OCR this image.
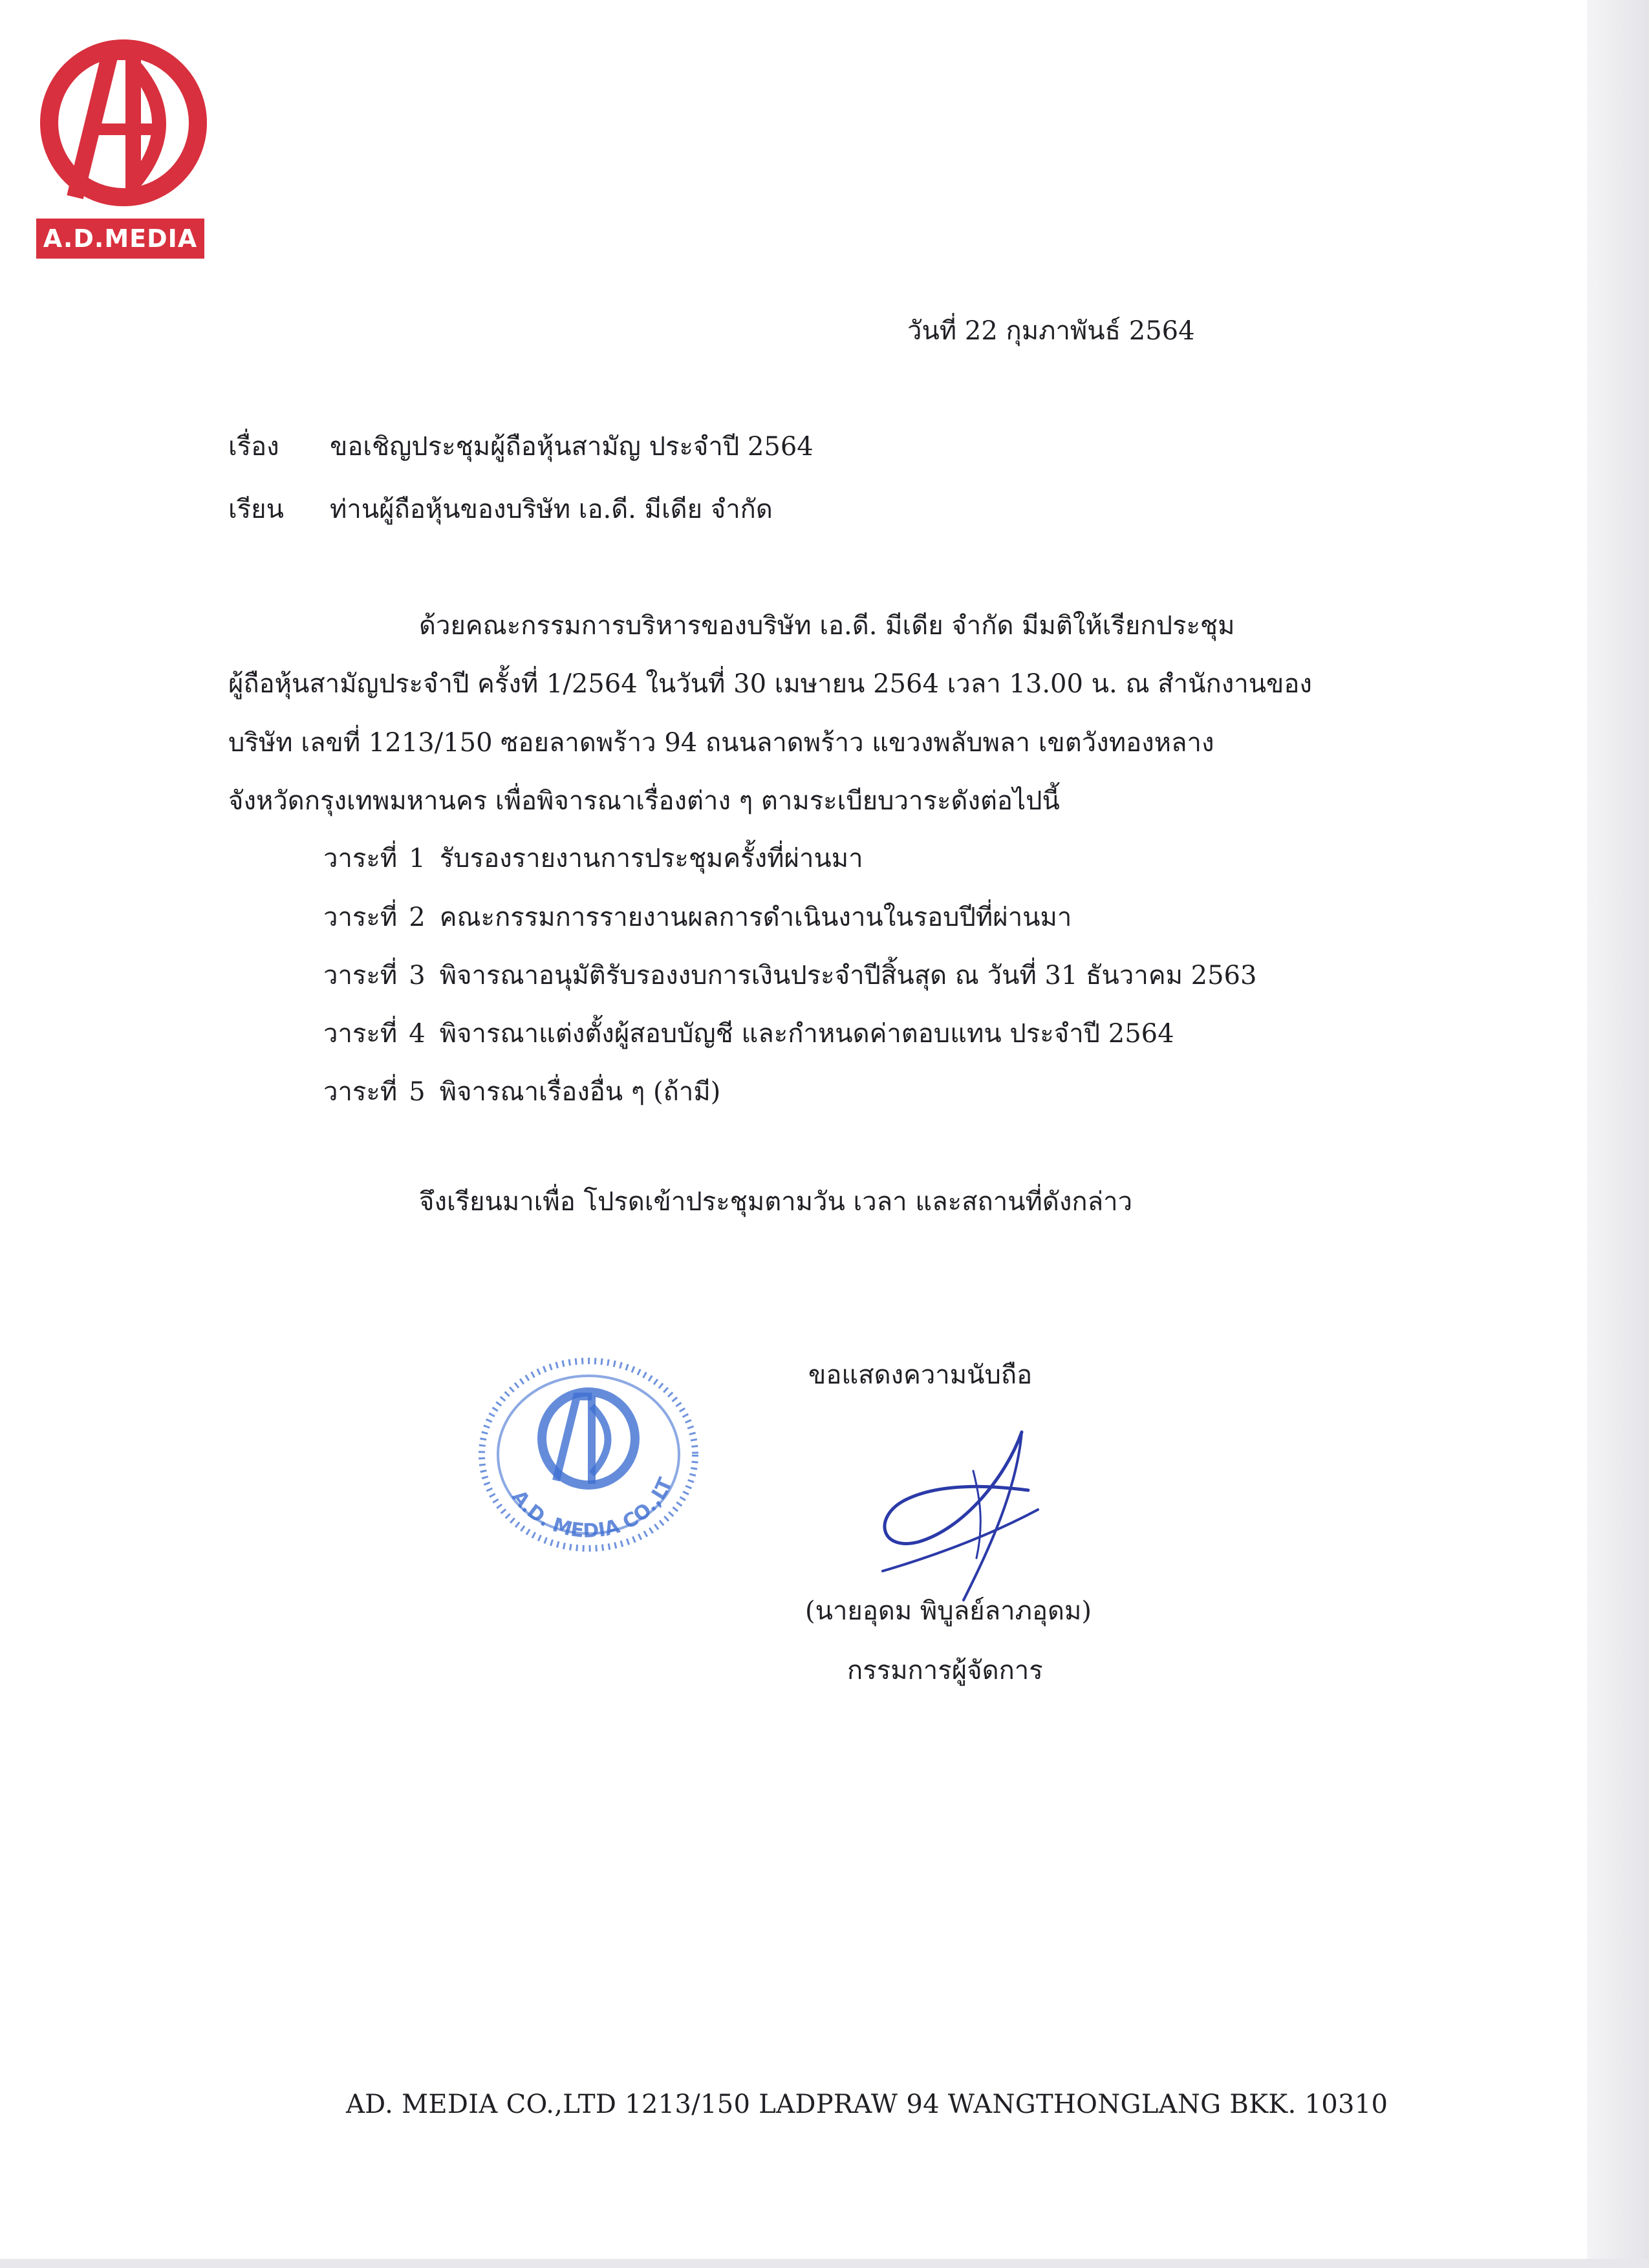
A.D.MEDIA
วันที่ 22 กุมภาพันธ์ 2564
เรื่อง ขอเชิญประชุมผู้ถือหุ้นสามัญ ประจำปี 2564
เรียน ท่านผู้ถือหุ้นของบริษัท เอ.ดี. มีเดีย จำกัด
ด้วยคณะกรรมการบริหารของบริษัท เอ.ดี. มีเดีย จำกัด มีมติให้เรียกประชุม
ผู้ถือหุ้นสามัญประจำปี ครั้งที่ 1/2564 ในวันที่ 30 เมษายน 2564 เวลา 13.00 น. ณ สำนักงานของ
บริษัท เลขที่ 1213/150 ซอยลาดพร้าว 94 ถนนลาดพร้าว แขวงพลับพลา เขตวังทองหลาง
จังหวัดกรุงเทพมหานคร เพื่อพิจารณาเรื่องต่าง ๆ ตามระเบียบวาระดังต่อไปนี้
วาระที่ 1 รับรองรายงานการประชุมครั้งที่ผ่านมา
วาระที่ 2 คณะกรรมการรายงานผลการดำเนินงานในรอบปีที่ผ่านมา
วาระที่ 3 พิจารณาอนุมัติรับรองงบการเงินประจำปีสิ้นสุด ณ วันที่ 31 ธันวาคม 2563
วาระที่ 4 พิจารณาแต่งตั้งผู้สอบบัญชี และกำหนดค่าตอบแทน ประจำปี 2564
วาระที่ 5 พิจารณาเรื่องอื่น ๆ (ถ้ามี)
จึงเรียนมาเพื่อ โปรดเข้าประชุมตามวัน เวลา และสถานที่ดังกล่าว
A.D. MEDIA CO.,LT
ขอแสดงความนับถือ
(นายอุดม พิบูลย์ลาภอุดม)
กรรมการผู้จัดการ
AD. MEDIA CO.,LTD 1213/150 LADPRAW 94 WANGTHONGLANG BKK. 10310
